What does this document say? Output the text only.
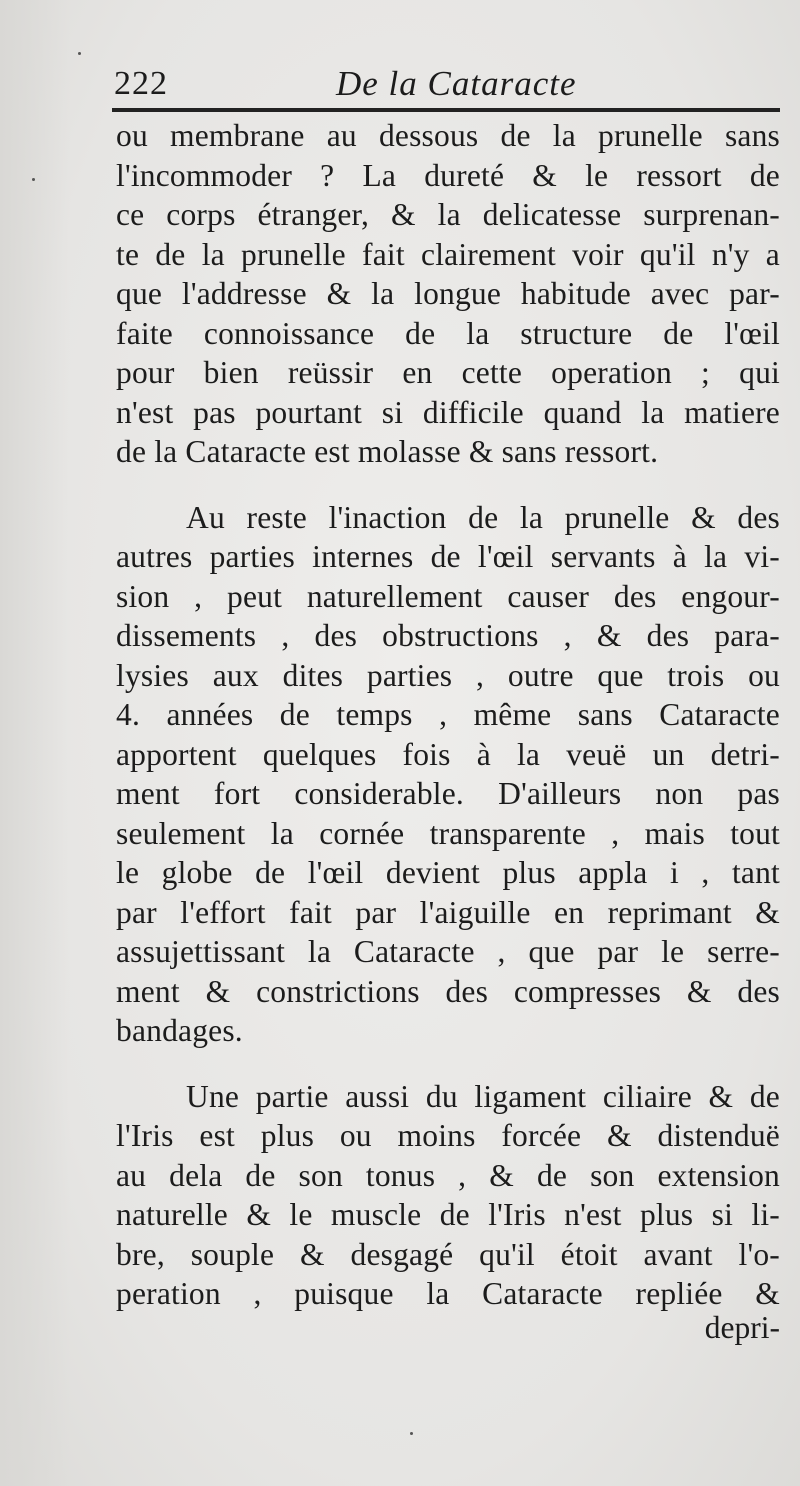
222	De la Cataracte
ou membrane au dessous de la prunelle sans
l'incommoder ? La dureté & le ressort de
ce corps étranger, & la delicatesse surprenan-
te de la prunelle fait clairement voir qu'il n'y a
que l'addresse & la longue habitude avec par-
faite connoissance de la structure de l'œil
pour bien reüssir en cette operation ; qui
n'est pas pourtant si difficile quand la matiere
de la Cataracte est molasse & sans ressort.
Au reste l'inaction de la prunelle & des
autres parties internes de l'œil servants à la vi-
sion , peut naturellement causer des engour-
dissements , des obstructions , & des para-
lysies aux dites parties , outre que trois ou
4. années de temps , même sans Cataracte
apportent quelques fois à la veuë un detri-
ment fort considerable. D'ailleurs non pas
seulement la cornée transparente , mais tout
le globe de l'œil devient plus appla i , tant
par l'effort fait par l'aiguille en reprimant &
assujettissant la Cataracte , que par le serre-
ment & constrictions des compresses & des
bandages.
Une partie aussi du ligament ciliaire & de
l'Iris est plus ou moins forcée & distenduë
au dela de son tonus , & de son extension
naturelle & le muscle de l'Iris n'est plus si li-
bre, souple & desgagé qu'il étoit avant l'o-
peration , puisque la Cataracte repliée &
depri-
